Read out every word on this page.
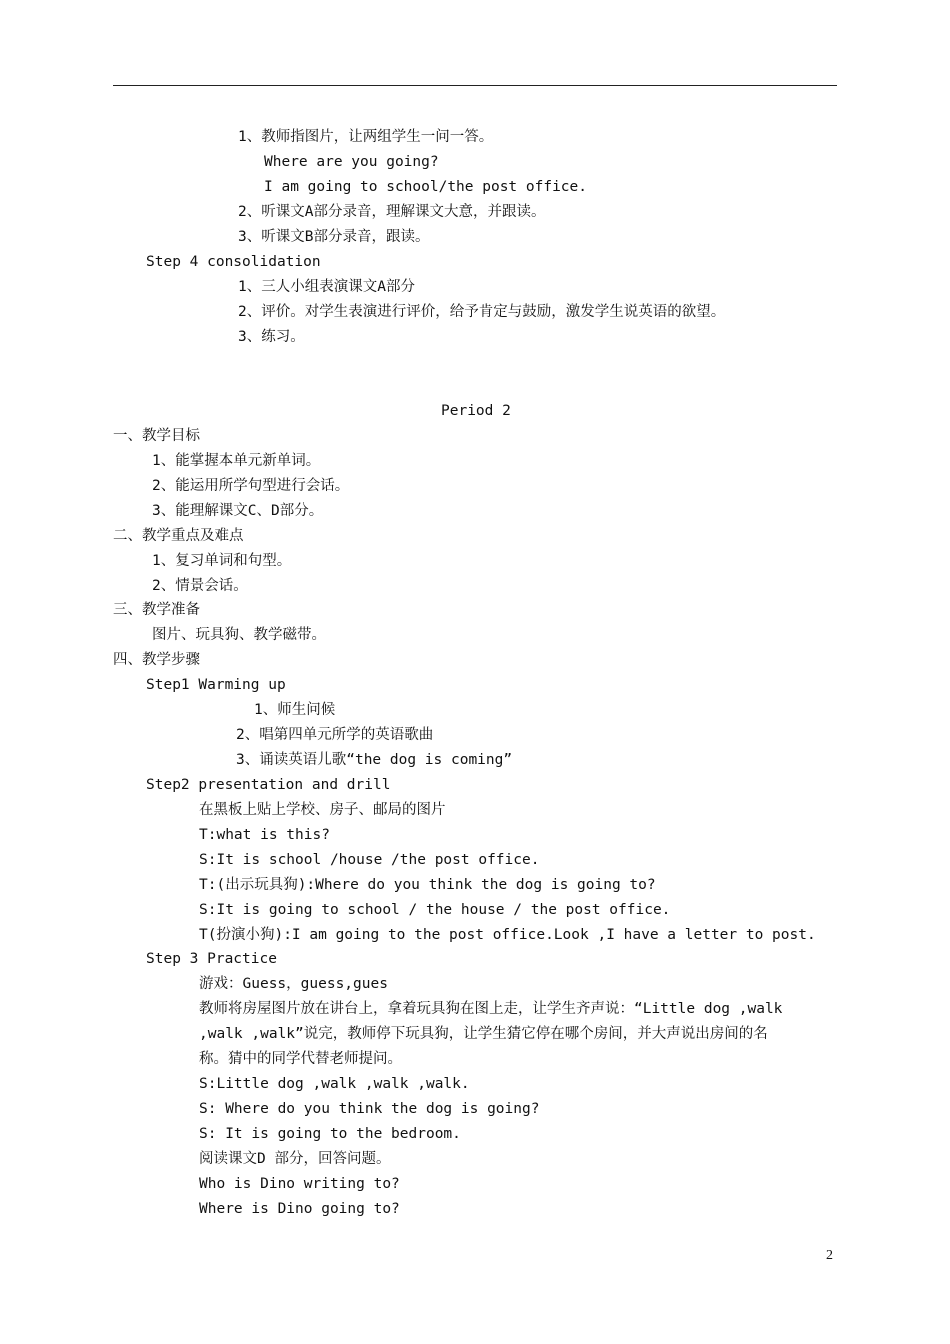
1、教师指图片，让两组学生一问一答。
Where are you going?
I am going to school/the post office.
2、听课文A部分录音，理解课文大意，并跟读。
3、听课文B部分录音，跟读。
Step 4 consolidation
1、三人小组表演课文A部分
2、评价。对学生表演进行评价，给予肯定与鼓励，激发学生说英语的欲望。
3、练习。
Period 2
一、教学目标
1、能掌握本单元新单词。
2、能运用所学句型进行会话。
3、能理解课文C、D部分。
二、教学重点及难点
1、复习单词和句型。
2、情景会话。
三、教学准备
图片、玩具狗、教学磁带。
四、教学步骤
Step1 Warming up
1、师生问候
2、唱第四单元所学的英语歌曲
3、诵读英语儿歌“the dog is coming”
Step2 presentation and drill
在黑板上贴上学校、房子、邮局的图片
T:what is this?
S:It is school /house /the post office.
T:(出示玩具狗):Where do you think the dog is going to?
S:It is going to school / the house / the post office.
T(扮演小狗):I am going to the post office.Look ,I have a letter to post.
Step 3 Practice
游戏：Guess，guess,gues
教师将房屋图片放在讲台上，拿着玩具狗在图上走，让学生齐声说：“Little dog ,walk
,walk ,walk”说完，教师停下玩具狗，让学生猜它停在哪个房间，并大声说出房间的名
称。猜中的同学代替老师提问。
S:Little dog ,walk ,walk ,walk.
S: Where do you think the dog is going?
S: It is going to the bedroom.
阅读课文D 部分，回答问题。
Who is Dino writing to?
Where is Dino going to?
2
